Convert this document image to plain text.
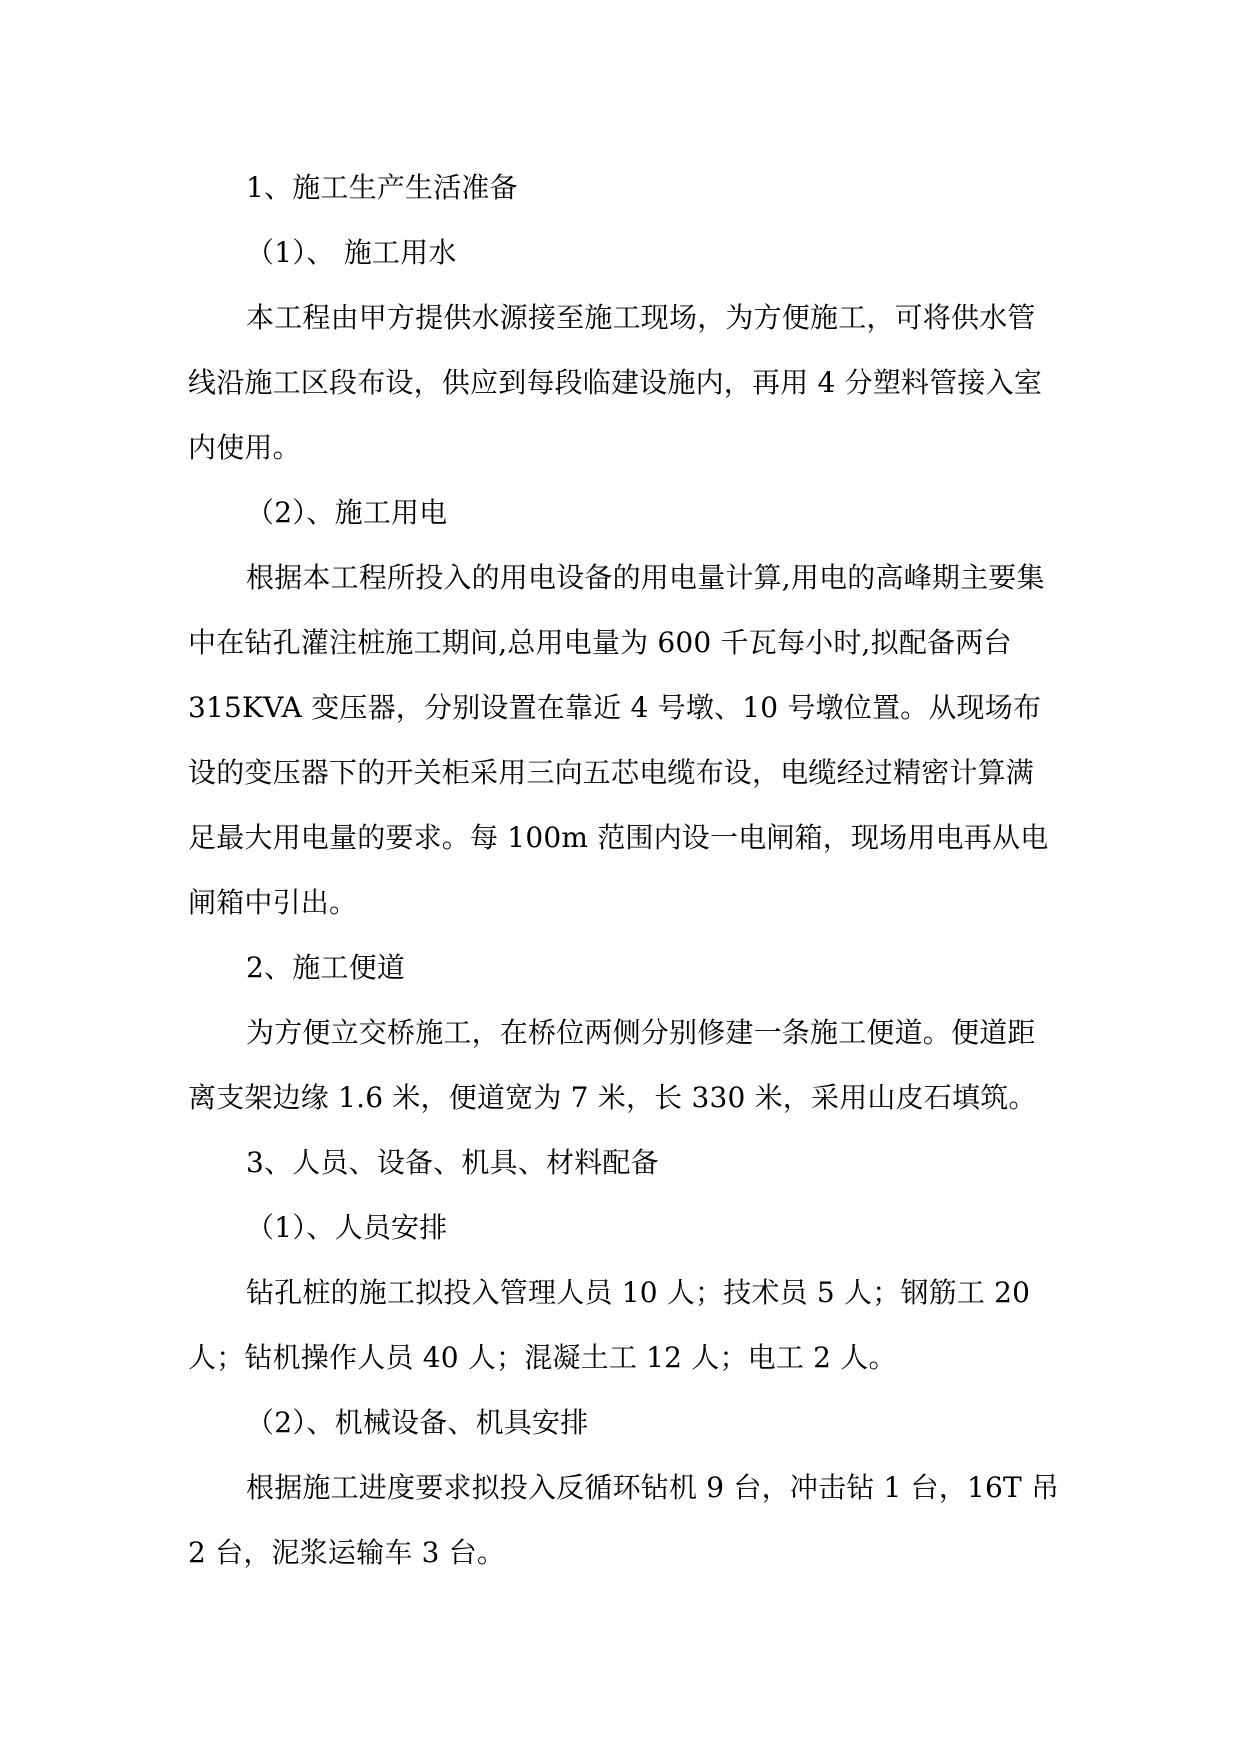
1、施工生产生活准备

（1）、 施工用水

本工程由甲方提供水源接至施工现场，为方便施工，可将供水管线沿施工区段布设，供应到每段临建设施内，再用 4 分塑料管接入室内使用。

（2）、施工用电

根据本工程所投入的用电设备的用电量计算,用电的高峰期主要集中在钻孔灌注桩施工期间,总用电量为 600 千瓦每小时,拟配备两台 315KVA 变压器，分别设置在靠近 4 号墩、10 号墩位置。从现场布设的变压器下的开关柜采用三向五芯电缆布设，电缆经过精密计算满足最大用电量的要求。每 100m 范围内设一电闸箱，现场用电再从电闸箱中引出。

2、施工便道

为方便立交桥施工，在桥位两侧分别修建一条施工便道。便道距离支架边缘 1.6 米，便道宽为 7 米，长 330 米，采用山皮石填筑。

3、人员、设备、机具、材料配备

（1）、人员安排

钻孔桩的施工拟投入管理人员 10 人；技术员 5 人；钢筋工 20 人；钻机操作人员 40 人；混凝土工 12 人；电工 2 人。

（2）、机械设备、机具安排

根据施工进度要求拟投入反循环钻机 9 台，冲击钻 1 台，16T 吊 2 台，泥浆运输车 3 台。
